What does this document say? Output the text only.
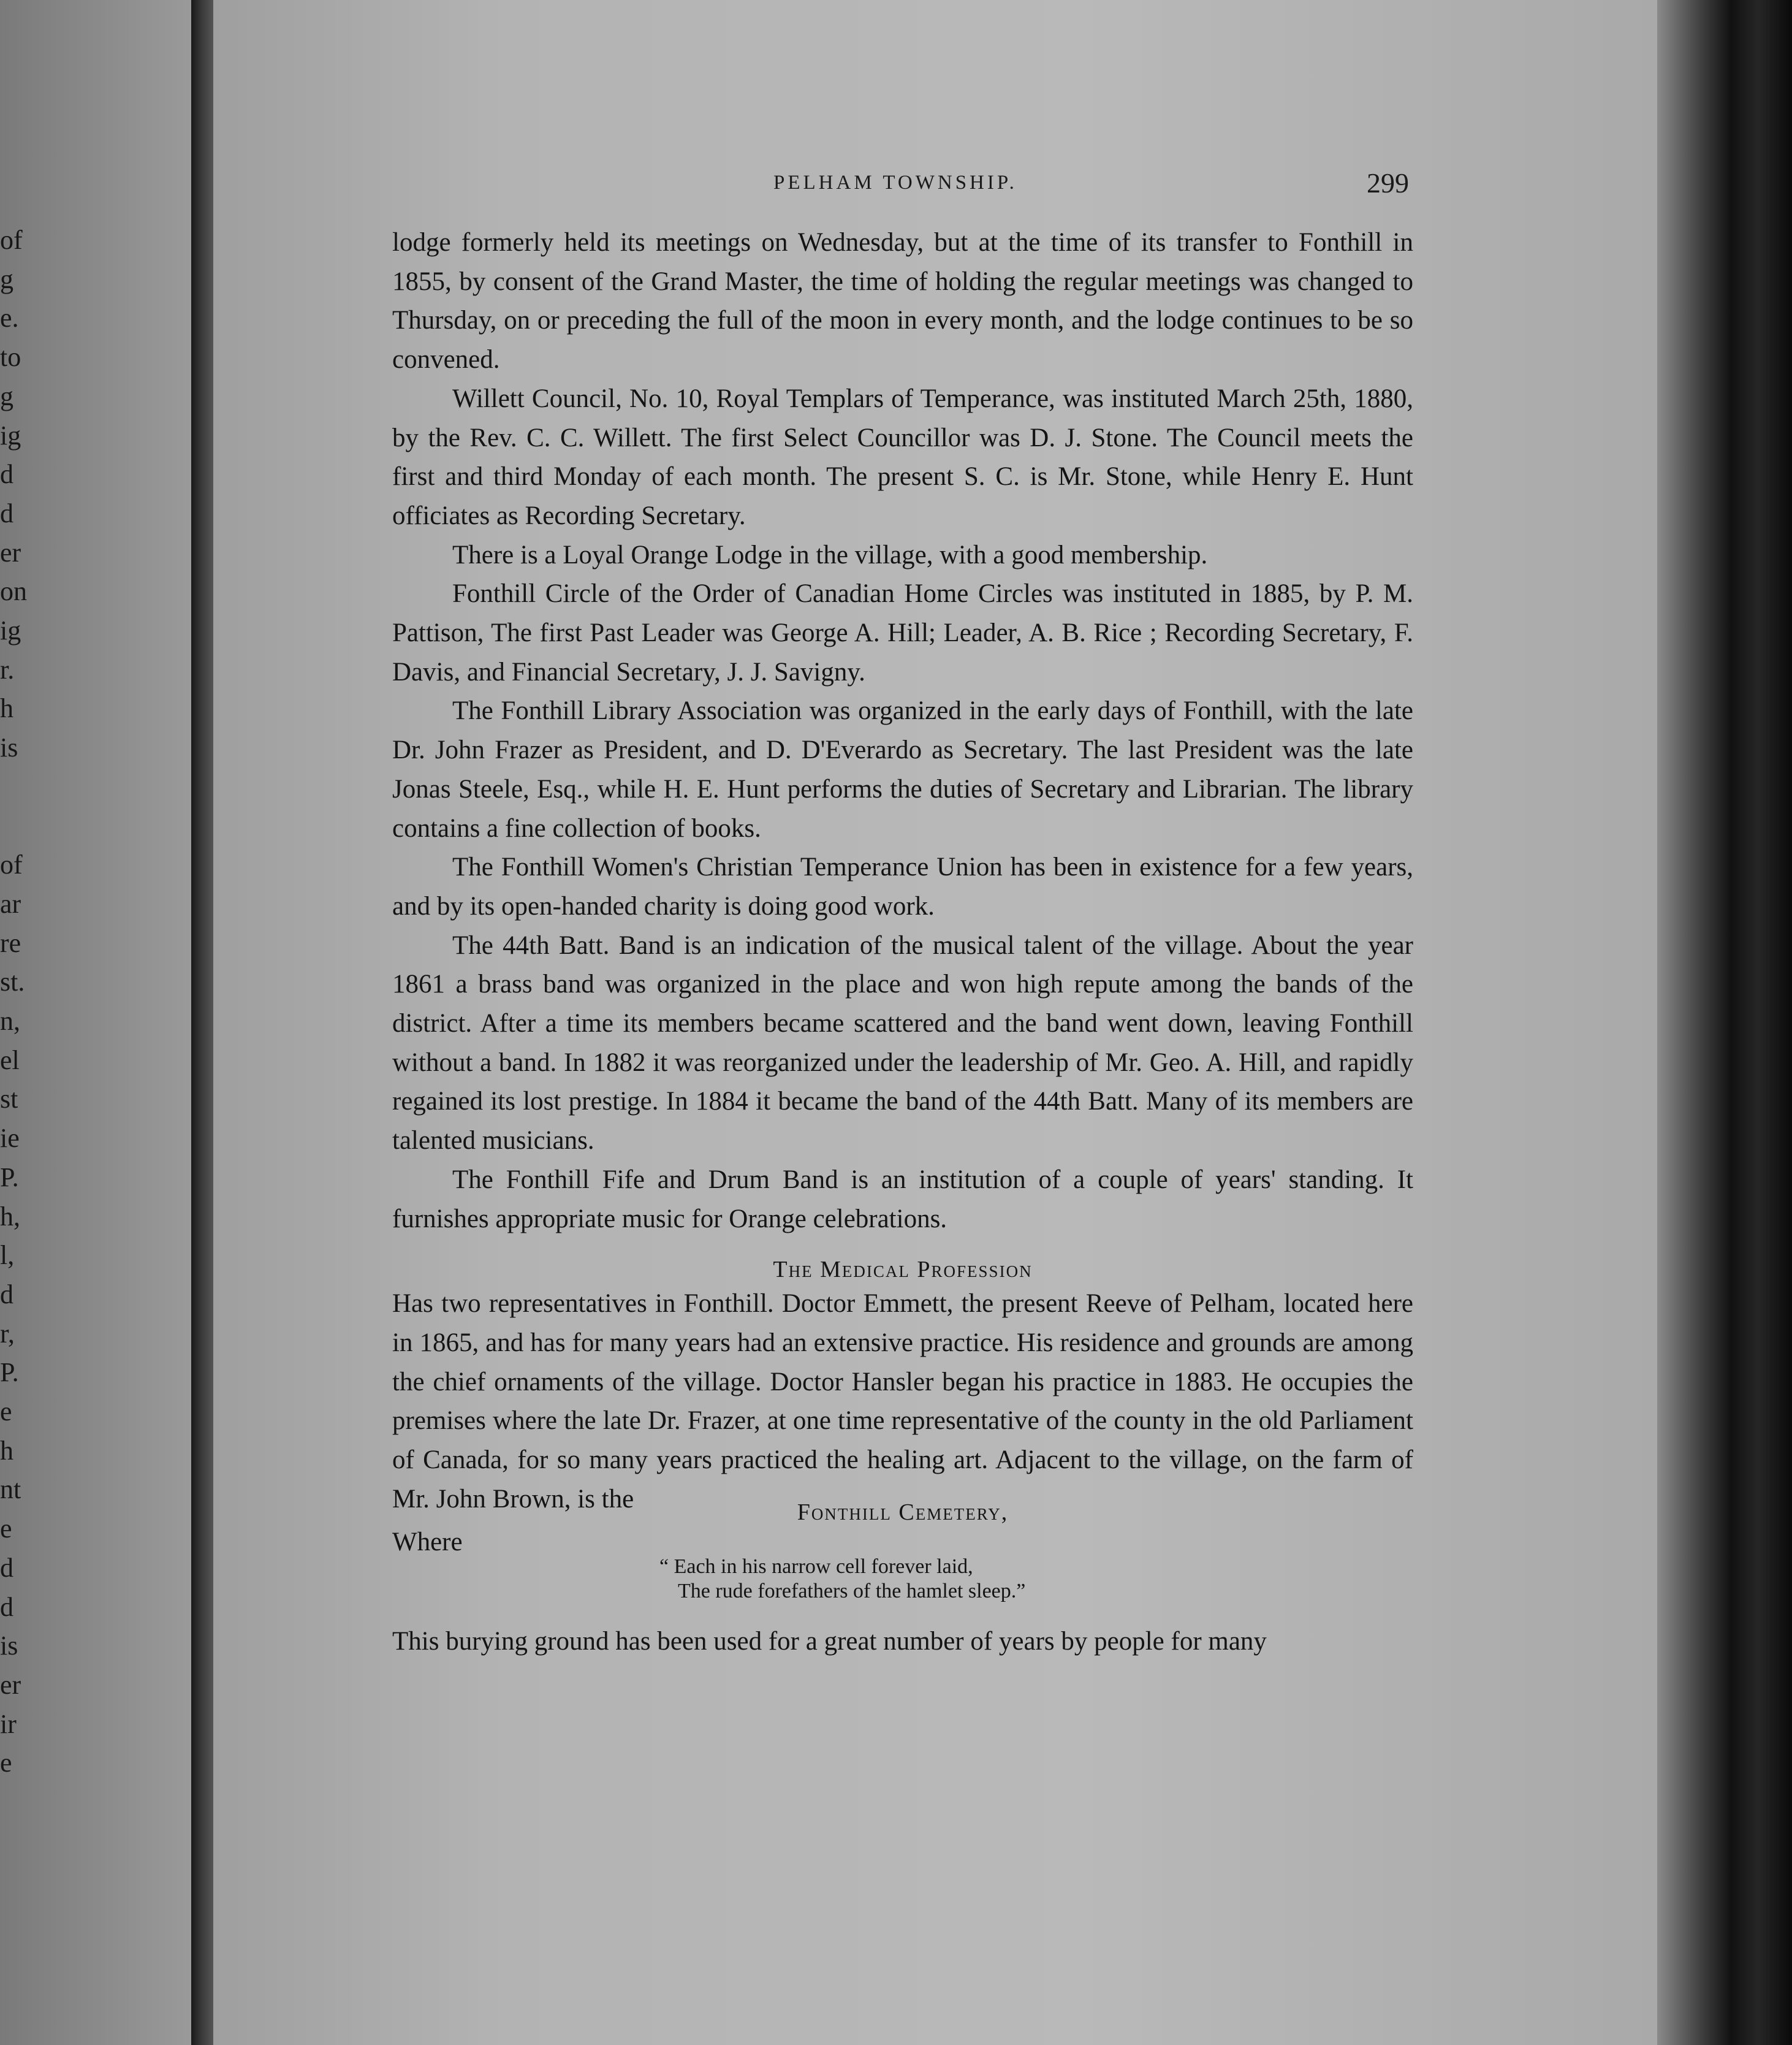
of
g
e.
to
g
ig
d
d
er
on
ig
r.
h
is
of
ar
re
st.
n,
el
st
ie
P.
h,
l,
d
r,
P.
e
h
nt
e
d
d
is
er
ir
e
PELHAM TOWNSHIP.	299

lodge formerly held its meetings on Wednesday, but at the time of its transfer to Fonthill in 1855, by consent of the Grand Master, the time of holding the regular meetings was changed to Thursday, on or preceding the full of the moon in every month, and the lodge continues to be so convened.

Willett Council, No. 10, Royal Templars of Temperance, was instituted March 25th, 1880, by the Rev. C. C. Willett. The first Select Councillor was D. J. Stone. The Council meets the first and third Monday of each month. The present S. C. is Mr. Stone, while Henry E. Hunt officiates as Recording Secretary.

There is a Loyal Orange Lodge in the village, with a good membership.

Fonthill Circle of the Order of Canadian Home Circles was instituted in 1885, by P. M. Pattison, The first Past Leader was George A. Hill; Leader, A. B. Rice ; Recording Secretary, F. Davis, and Financial Secretary, J. J. Savigny.

The Fonthill Library Association was organized in the early days of Fonthill, with the late Dr. John Frazer as President, and D. D'Everardo as Secretary. The last President was the late Jonas Steele, Esq., while H. E. Hunt performs the duties of Secretary and Librarian. The library contains a fine collection of books.

The Fonthill Women's Christian Temperance Union has been in existence for a few years, and by its open-handed charity is doing good work.

The 44th Batt. Band is an indication of the musical talent of the village. About the year 1861 a brass band was organized in the place and won high repute among the bands of the district. After a time its members became scattered and the band went down, leaving Fonthill without a band. In 1882 it was reorganized under the leadership of Mr. Geo. A. Hill, and rapidly regained its lost prestige. In 1884 it became the band of the 44th Batt. Many of its members are talented musicians.

The Fonthill Fife and Drum Band is an institution of a couple of years' standing. It furnishes appropriate music for Orange celebrations.

The Medical Profession

Has two representatives in Fonthill. Doctor Emmett, the present Reeve of Pelham, located here in 1865, and has for many years had an extensive practice. His residence and grounds are among the chief ornaments of the village. Doctor Hansler began his practice in 1883. He occupies the premises where the late Dr. Frazer, at one time representative of the county in the old Parliament of Canada, for so many years practiced the healing art. Adjacent to the village, on the farm of Mr. John Brown, is the	Fonthill Cemetery,
Where
“ Each in his narrow cell forever laid,
The rude forefathers of the hamlet sleep.”

This burying ground has been used for a great number of years by people for many
